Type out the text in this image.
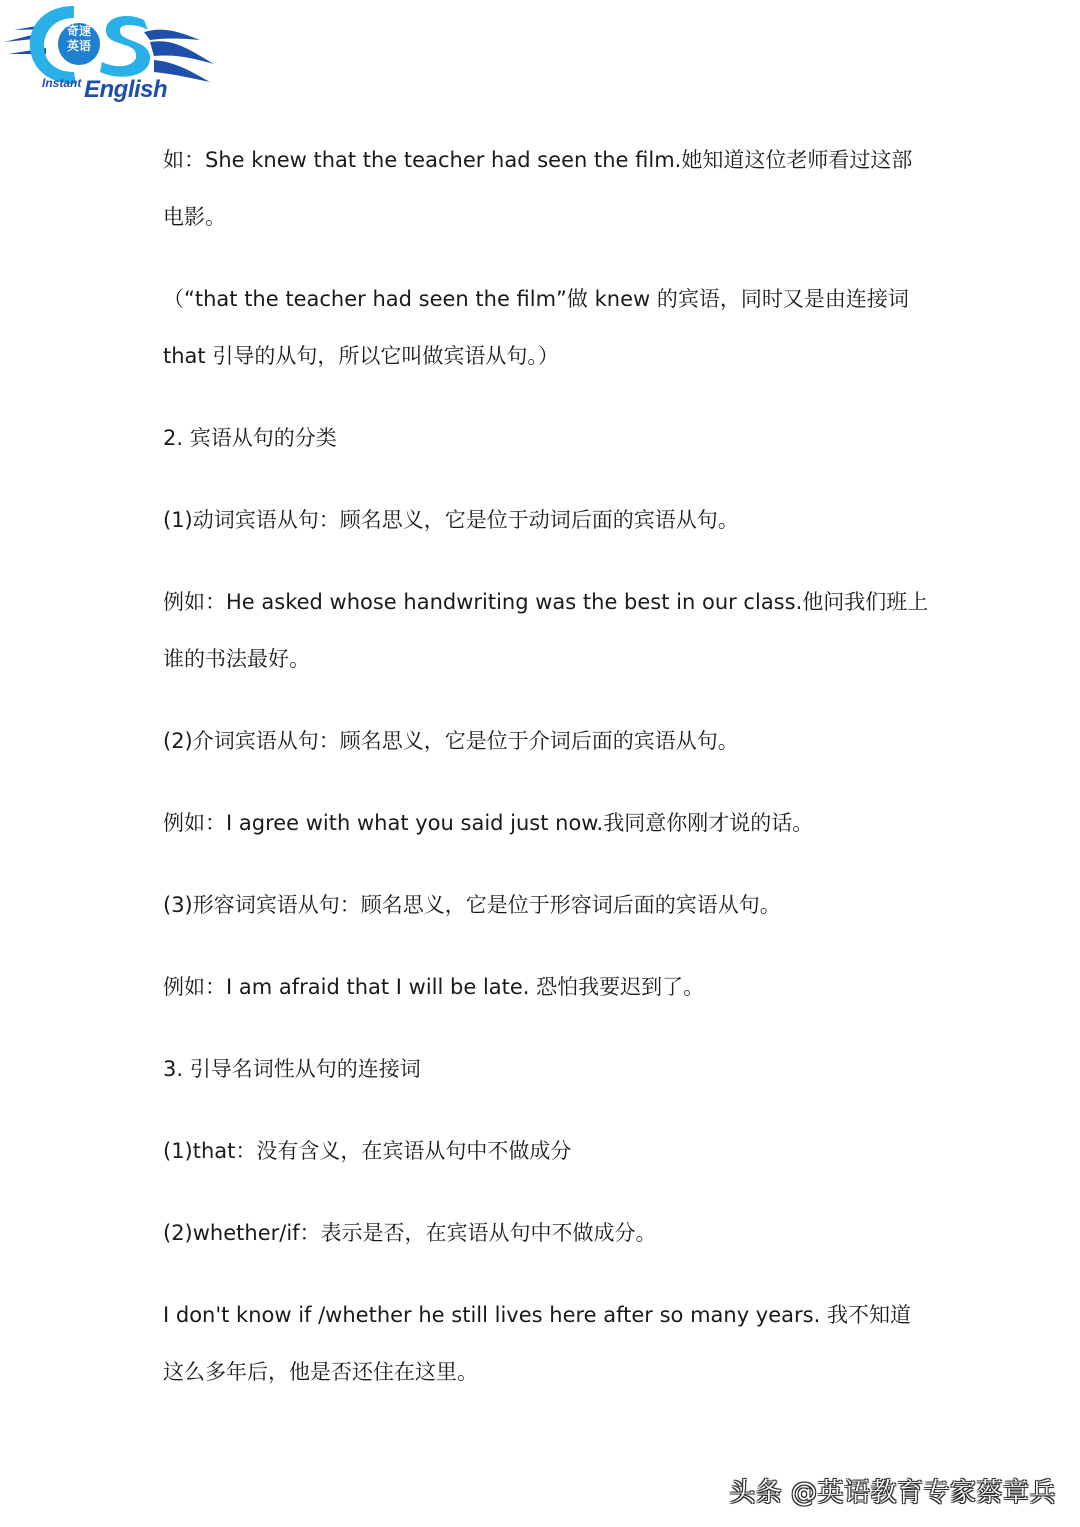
奇速
英语
Instant English
如：She knew that the teacher had seen the film.她知道这位老师看过这部
电影。
（“that the teacher had seen the film”做 knew 的宾语，同时又是由连接词
that 引导的从句，所以它叫做宾语从句。）
2. 宾语从句的分类
(1)动词宾语从句：顾名思义，它是位于动词后面的宾语从句。
例如：He asked whose handwriting was the best in our class.他问我们班上
谁的书法最好。
(2)介词宾语从句：顾名思义，它是位于介词后面的宾语从句。
例如：I agree with what you said just now.我同意你刚才说的话。
(3)形容词宾语从句：顾名思义，它是位于形容词后面的宾语从句。
例如：I am afraid that I will be late. 恐怕我要迟到了。
3. 引导名词性从句的连接词
(1)that：没有含义，在宾语从句中不做成分
(2)whether/if：表示是否，在宾语从句中不做成分。
I don't know if /whether he still lives here after so many years. 我不知道
这么多年后，他是否还住在这里。
头条 @英语教育专家蔡章兵
